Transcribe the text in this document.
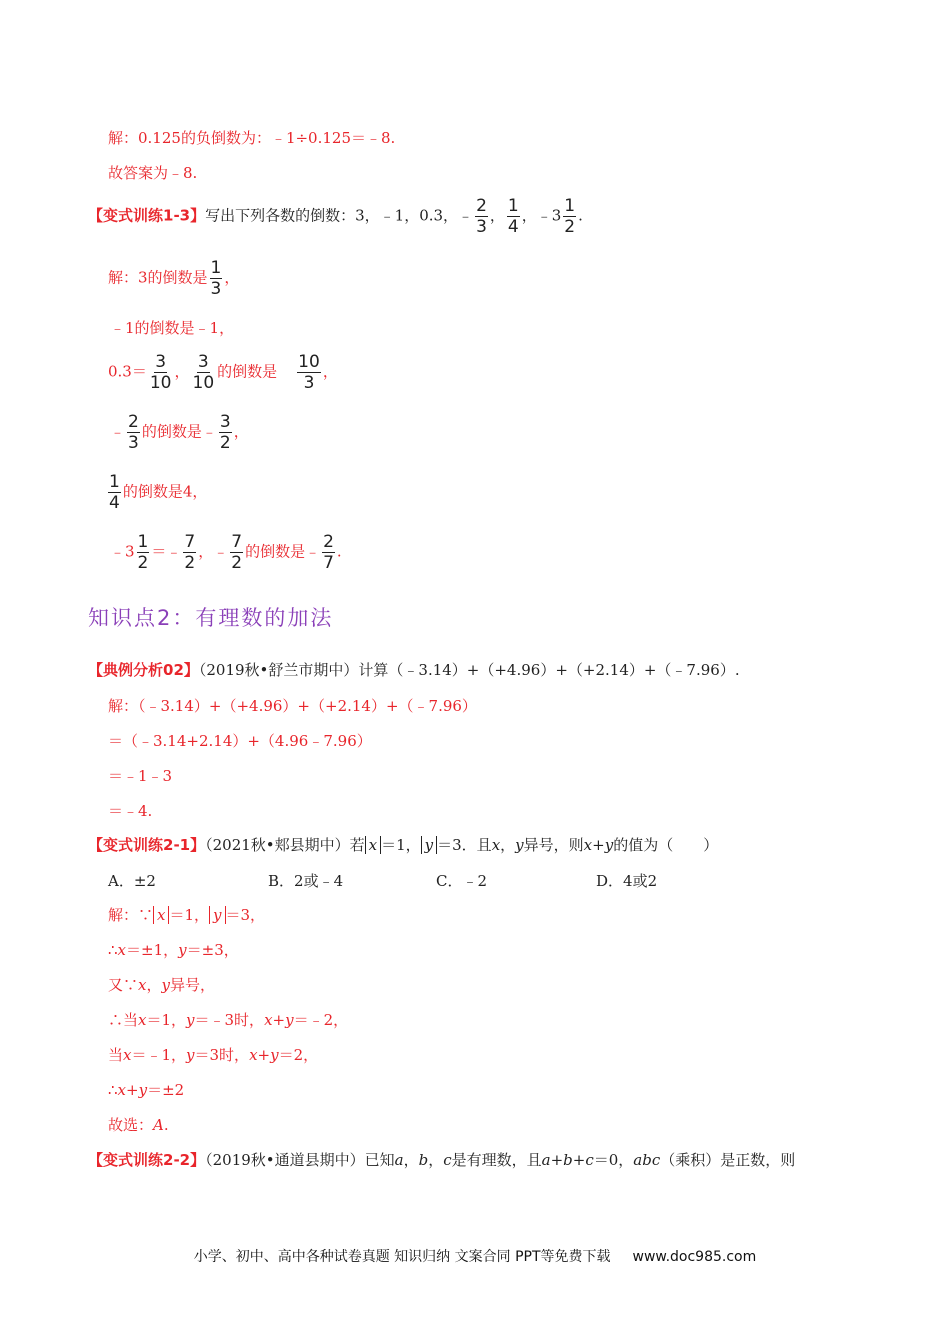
解：0.125的负倒数为：﹣1÷0.125＝﹣8.
故答案为﹣8.
【变式训练1-3】写出下列各数的倒数：3，﹣1，0.3，﹣ $\frac{2}{3}$ ， $\frac{1}{4}$ ，﹣3 $\frac{1}{2}$ .
解：3的倒数是 $\frac{1}{3}$ ，
﹣1的倒数是﹣1，
$0.3= \frac{3}{10}$ ， $\frac{3}{10}$ 的倒数是 $\frac{10}{3}$ ，
﹣ $\frac{2}{3}$ 的倒数是﹣ $\frac{3}{2}$ ，
$\frac{1}{4}$ 的倒数是4，
﹣3 $\frac{1}{2}$ ＝﹣ $\frac{7}{2}$ ，﹣ $\frac{7}{2}$ 的倒数是﹣ $\frac{2}{7}$ .
知识点2：有理数的加法
【典例分析02】（2019秋•舒兰市期中）计算（﹣3.14）+（+4.96）+（+2.14）+（﹣7.96）.
解：（﹣3.14）+（+4.96）+（+2.14）+（﹣7.96）
＝（﹣3.14+2.14）+（4.96﹣7.96）
＝﹣1﹣3
＝﹣4.
【变式训练2-1】（2021秋•郏县期中）若 x ＝1， y ＝3．且x，y异号，则x+y的值为（　　）
A．±2	B．2或﹣4	C．﹣2	D．4或2
解：∵ x ＝1， y ＝3，
∴x＝±1，y＝±3，
又∵x，y异号，
∴当x＝1，y＝﹣3时，x+y＝﹣2，
当x＝﹣1，y＝3时，x+y＝2，
∴x+y＝±2
故选：A.
【变式训练2-2】（2019秋•通道县期中）已知a，b，c是有理数，且a+b+c＝0，abc（乘积）是正数，则
小学、初中、高中各种试卷真题 知识归纳 文案合同 PPT等免费下载 www.doc985.com
